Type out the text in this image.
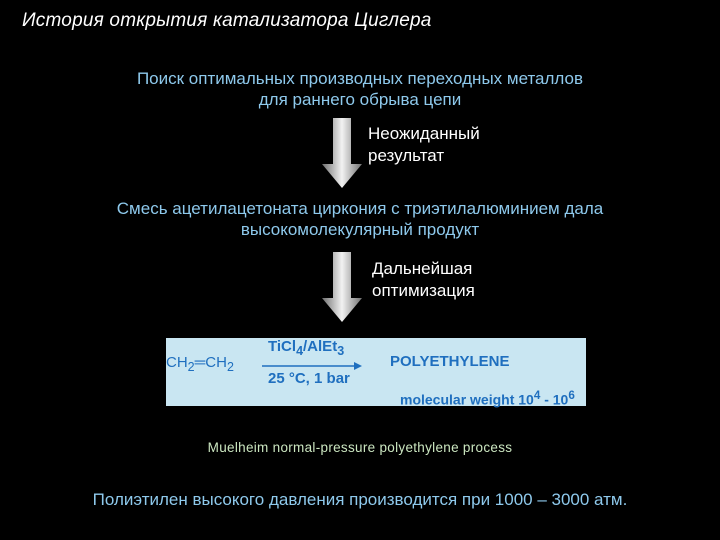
История открытия катализатора Циглера
Поиск оптимальных производных переходных металлов
для раннего обрыва цепи
Неожиданный
результат
Смесь ацетилацетоната циркония с триэтилалюминием дала
высокомолекулярный продукт
Дальнейшая
оптимизация
$CH_2═CH_2$
TiCl$_4$/AlEt$_3$
25 °C, 1 bar
POLYETHYLENE
molecular weight $10^4 - 10^6$
Muelheim normal-pressure polyethylene process
Полиэтилен высокого давления производится при 1000 – 3000 атм.
